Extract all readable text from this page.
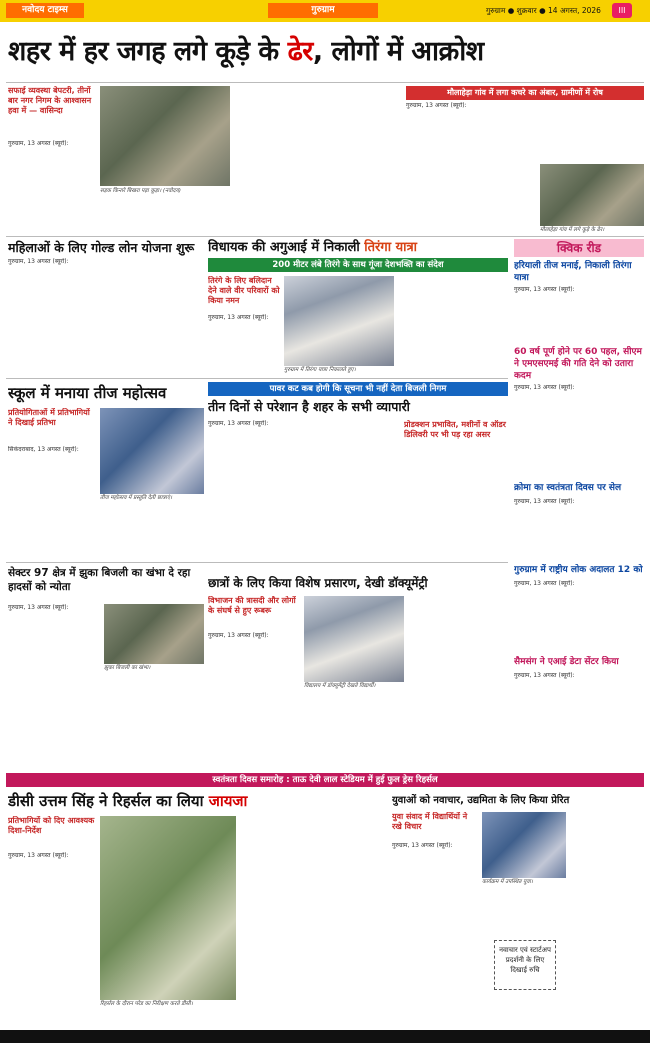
नवोदय टाइम्स	गुरुग्राम	गुरुग्राम ● शुक्रवार ● 14 अगस्त, 2026	III
शहर में हर जगह लगे कूड़े के ढेर, लोगों में आक्रोश
सफाई व्यवस्था बेपटरी, तीनों बार नगर निगम के आश्वासन हवा में — वासिन्दा
गुरुग्राम, 13 अगस्त (ब्यूरो):
सड़क किनारे बिखरा पड़ा कूड़ा। (नवोदय)
मौलाहेड़ा गांव में लगा कचरे का अंबार, ग्रामीणों में रोष
गुरुग्राम, 13 अगस्त (ब्यूरो):
मौलाहेड़ा गांव में लगे कूड़े के ढेर।
महिलाओं के लिए गोल्ड लोन योजना शुरू
गुरुग्राम, 13 अगस्त (ब्यूरो):
विधायक की अगुआई में निकाली तिरंगा यात्रा
200 मीटर लंबे तिरंगे के साथ गूंजा देशभक्ति का संदेश
तिरंगे के लिए बलिदान देने वाले वीर परिवारों को किया नमन
गुरुग्राम, 13 अगस्त (ब्यूरो):
गुरुग्राम में तिरंगा यात्रा निकालते हुए।
क्विक रीड
हरियाली तीज मनाई, निकाली तिरंगा यात्रा
गुरुग्राम, 13 अगस्त (ब्यूरो):
60 वर्ष पूर्ण होने पर 60 पहल, सीएम ने एमएसएमई की गति देने को उतारा कदम
गुरुग्राम, 13 अगस्त (ब्यूरो):
क्रोमा का स्वतंत्रता दिवस पर सेल
गुरुग्राम, 13 अगस्त (ब्यूरो):
गुरुग्राम में राष्ट्रीय लोक अदालत 12 को
गुरुग्राम, 13 अगस्त (ब्यूरो):
सैमसंग ने एआई डेटा सेंटर किया
गुरुग्राम, 13 अगस्त (ब्यूरो):
स्कूल में मनाया तीज महोत्सव
प्रतियोगिताओं में प्रतिभागियों ने दिखाई प्रतिभा
सिकंदराबाद, 13 अगस्त (ब्यूरो):
तीज महोत्सव में प्रस्तुति देती छात्राएं।
पावर कट कब होगी कि सूचना भी नहीं देता बिजली निगम
तीन दिनों से परेशान है शहर के सभी व्यापारी
गुरुग्राम, 13 अगस्त (ब्यूरो):	प्रोडक्शन प्रभावित, मशीनों व ऑडर डिलिवरी पर भी पड़ रहा असर
सेक्टर 97 क्षेत्र में झुका बिजली का खंभा दे रहा हादसों को न्योता
गुरुग्राम, 13 अगस्त (ब्यूरो):
झुका बिजली का खंभा।
छात्रों के लिए किया विशेष प्रसारण, देखी डॉक्यूमेंट्री
विभाजन की त्रासदी और लोगों के संघर्ष से हुए रूबरू
गुरुग्राम, 13 अगस्त (ब्यूरो):
विद्यालय में डॉक्यूमेंट्री देखते विद्यार्थी।
स्वतंत्रता दिवस समारोह : ताऊ देवी लाल स्टेडियम में हुई फुल ड्रेस रिहर्सल
डीसी उत्तम सिंह ने रिहर्सल का लिया जायजा
प्रतिभागियों को दिए आवश्यक दिशा-निर्देश
गुरुग्राम, 13 अगस्त (ब्यूरो):
रिहर्सल के दौरान परेड का निरीक्षण करते डीसी।
युवाओं को नवाचार, उद्यमिता के लिए किया प्रेरित
युवा संवाद में विद्यार्थियों ने रखे विचार
गुरुग्राम, 13 अगस्त (ब्यूरो):
कार्यक्रम में उपस्थित युवा।
नवाचार एवं स्टार्टअप प्रदर्शनी के लिए दिखाई रुचि
